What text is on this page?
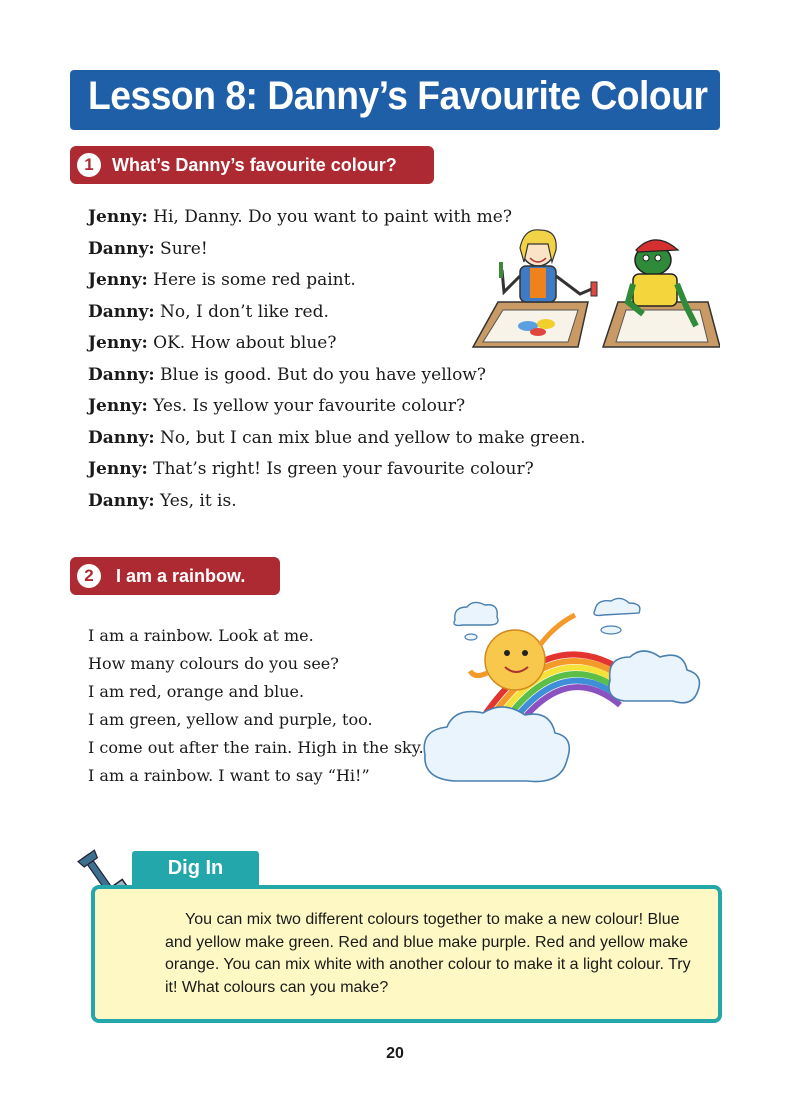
Lesson 8: Danny’s Favourite Colour
1	What’s Danny’s favourite colour?
Jenny: Hi, Danny. Do you want to paint with me?
Danny: Sure!
Jenny: Here is some red paint.
Danny: No, I don’t like red.
Jenny: OK. How about blue?
Danny: Blue is good. But do you have yellow?
Jenny: Yes. Is yellow your favourite colour?
Danny: No, but I can mix blue and yellow to make green.
Jenny: That’s right! Is green your favourite colour?
Danny: Yes, it is.
2	I am a rainbow.
I am a rainbow. Look at me.
How many colours do you see?
I am red, orange and blue.
I am green, yellow and purple, too.
I come out after the rain. High in the sky.
I am a rainbow. I want to say “Hi!”
You can mix two different colours together to make a new colour! Blue and yellow make green. Red and blue make purple. Red and yellow make orange. You can mix white with another colour to make it a light colour. Try it! What colours can you make?
Dig In
20
